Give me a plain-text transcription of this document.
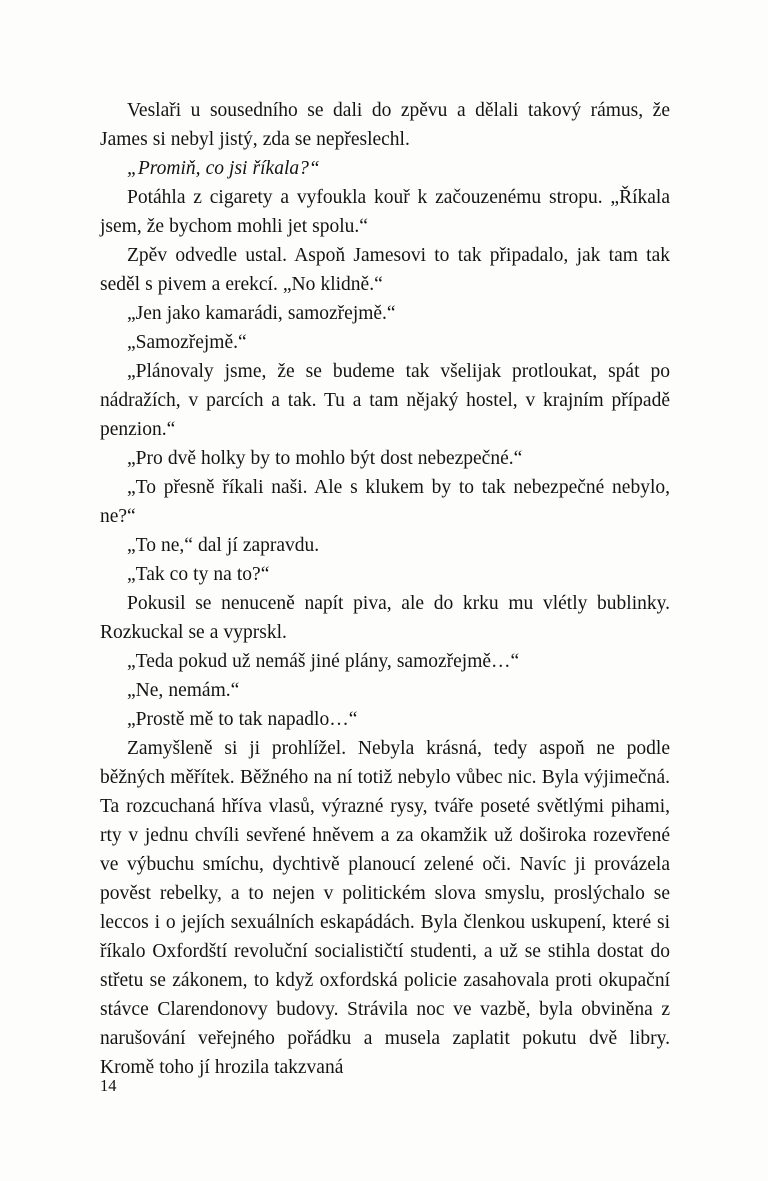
Veslaři u sousedního se dali do zpěvu a dělali takový rámus, že James si nebyl jistý, zda se nepřeslechl.

„Promiň, co jsi říkala?“

Potáhla z cigarety a vyfoukla kouř k začouzenému stropu. „Říkala jsem, že bychom mohli jet spolu.“

Zpěv odvedle ustal. Aspoň Jamesovi to tak připadalo, jak tam tak seděl s pivem a erekcí. „No klidně.“

„Jen jako kamarádi, samozřejmě.“

„Samozřejmě.“

„Plánovaly jsme, že se budeme tak všelijak protloukat, spát po nádražích, v parcích a tak. Tu a tam nějaký hostel, v krajním případě penzion.“

„Pro dvě holky by to mohlo být dost nebezpečné.“

„To přesně říkali naši. Ale s klukem by to tak nebezpečné nebylo, ne?“

„To ne,“ dal jí zapravdu.

„Tak co ty na to?“

Pokusil se nenuceně napít piva, ale do krku mu vlétly bublinky. Rozkuckal se a vyprskl.

„Teda pokud už nemáš jiné plány, samozřejmě…“

„Ne, nemám.“

„Prostě mě to tak napadlo…“

Zamyšleně si ji prohlížel. Nebyla krásná, tedy aspoň ne podle běžných měřítek. Běžného na ní totiž nebylo vůbec nic. Byla výjimečná. Ta rozcuchaná hříva vlasů, výrazné rysy, tváře poseté světlými pihami, rty v jednu chvíli sevřené hněvem a za okamžik už doširoka rozevřené ve výbuchu smíchu, dychtivě planoucí zelené oči. Navíc ji provázela pověst rebelky, a to nejen v politickém slova smyslu, proslýchalo se leccos i o jejích sexuálních eskapádách. Byla členkou uskupení, které si říkalo Oxfordští revoluční socialističtí studenti, a už se stihla dostat do střetu se zákonem, to když oxfordská policie zasahovala proti okupační stávce Clarendonovy budovy. Strávila noc ve vazbě, byla obviněna z narušování veřejného pořádku a musela zaplatit pokutu dvě libry. Kromě toho jí hrozila takzvaná

14
